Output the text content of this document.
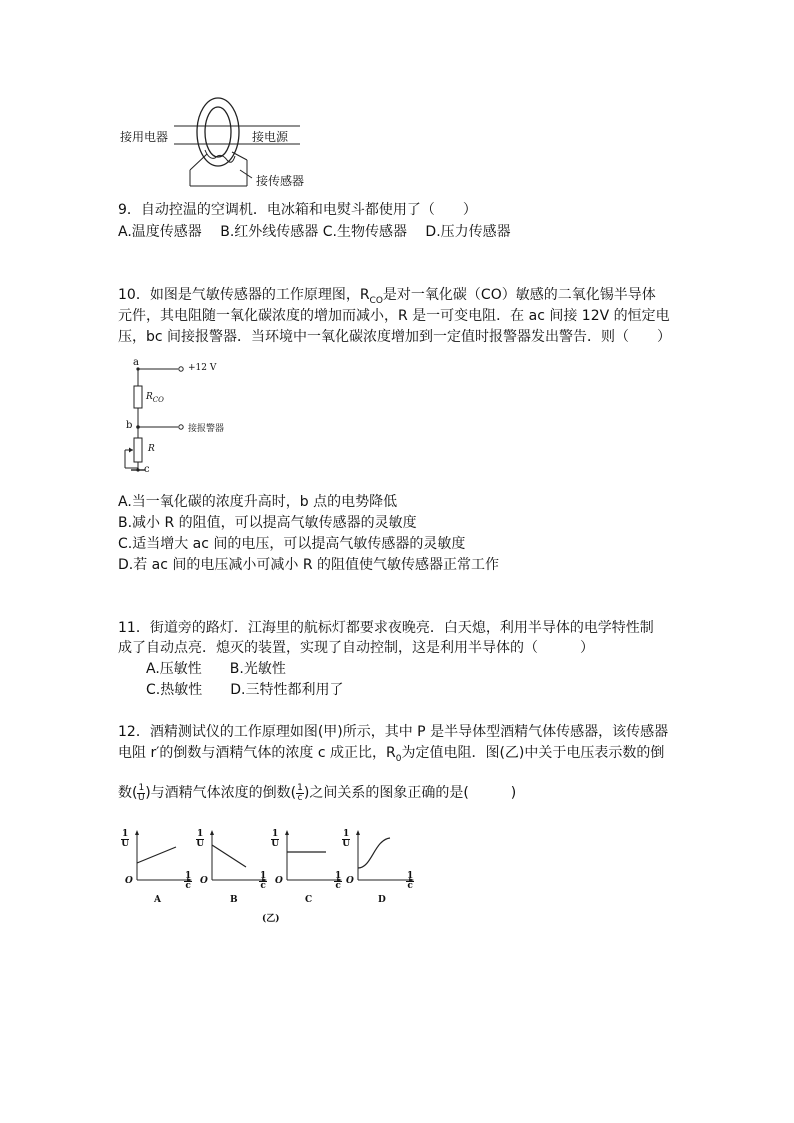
接用电器	接电源
接传感器
9．自动控温的空调机．电冰箱和电熨斗都使用了（　　）
A.温度传感器　 B.红外线传感器 C.生物传感器　 D.压力传感器
10．如图是气敏传感器的工作原理图，$R_{CO}$是对一氧化碳（CO）敏感的二氧化锡半导体
元件，其电阻随一氧化碳浓度的增加而减小，R 是一可变电阻．在 ac 间接 12V 的恒定电
压，bc 间接报警器．当环境中一氧化碳浓度增加到一定值时报警器发出警告．则（　　）
a	+12 V
$R_{CO}$
b	接报警器
R
c
A.当一氧化碳的浓度升高时，b 点的电势降低
B.减小 R 的阻值，可以提高气敏传感器的灵敏度
C.适当增大 ac 间的电压，可以提高气敏传感器的灵敏度
D.若 ac 间的电压减小可减小 R 的阻值使气敏传感器正常工作
11．街道旁的路灯．江海里的航标灯都要求夜晚亮．白天熄，利用半导体的电学特性制
成了自动点亮．熄灭的装置，实现了自动控制，这是利用半导体的（　　　）
A.压敏性　　B.光敏性
C.热敏性　　D.三特性都利用了
12．酒精测试仪的工作原理如图(甲)所示，其中 P 是半导体型酒精气体传感器，该传感器
电阻 r′的倒数与酒精气体的浓度 c 成正比，$R_0$为定值电阻．图(乙)中关于电压表示数的倒
数( $\frac{1}{U}$ )与酒精气体浓度的倒数( $\frac{1}{c}$ )之间关系的图象正确的是(　　　)
$\frac{1}{U}$	$\frac{1}{U}$	$\frac{1}{U}$	$\frac{1}{U}$
O	O	O	O
$\frac{1}{c}$	$\frac{1}{c}$	$\frac{1}{c}$	$\frac{1}{c}$
A	B	C	D
(乙)
